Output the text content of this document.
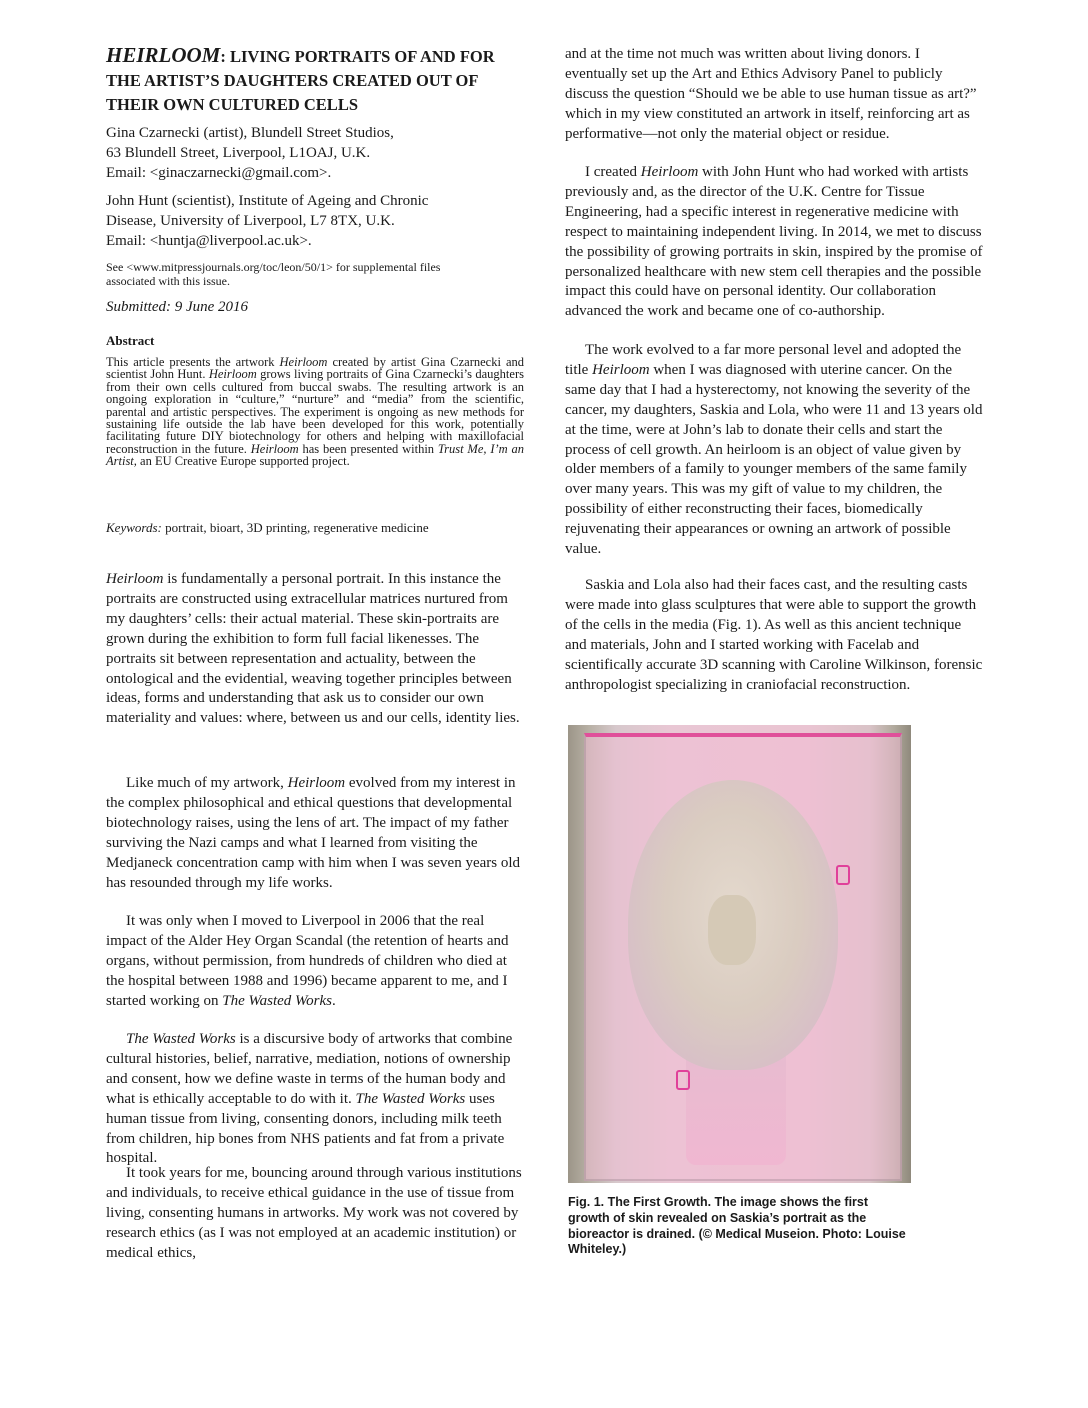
HEIRLOOM: LIVING PORTRAITS OF AND FOR
THE ARTIST’S DAUGHTERS CREATED OUT OF
THEIR OWN CULTURED CELLS

Gina Czarnecki (artist), Blundell Street Studios,
63 Blundell Street, Liverpool, L1OAJ, U.K.
Email: <ginaczarnecki@gmail.com>.

John Hunt (scientist), Institute of Ageing and Chronic
Disease, University of Liverpool, L7 8TX, U.K.
Email: <huntja@liverpool.ac.uk>.

See <www.mitpressjournals.org/toc/leon/50/1> for supplemental files
associated with this issue.

Submitted: 9 June 2016

Abstract

This article presents the artwork Heirloom created by artist Gina Czarnecki and scientist John Hunt. Heirloom grows living portraits of Gina Czarnecki’s daughters from their own cells cultured from buccal swabs. The resulting artwork is an ongoing exploration in “culture,” “nurture” and “media” from the scientific, parental and artistic perspectives. The experiment is ongoing as new methods for sustaining life outside the lab have been developed for this work, potentially facilitating future DIY biotechnology for others and helping with maxillofacial reconstruction in the future. Heirloom has been presented within Trust Me, I’m an Artist, an EU Creative Europe supported project.

Keywords: portrait, bioart, 3D printing, regenerative medicine

Heirloom is fundamentally a personal portrait. In this instance the portraits are constructed using extracellular matrices nurtured from my daughters’ cells: their actual material. These skin-portraits are grown during the exhibition to form full facial likenesses. The portraits sit between representation and actuality, between the ontological and the evidential, weaving together principles between ideas, forms and understanding that ask us to consider our own materiality and values: where, between us and our cells, identity lies.

Like much of my artwork, Heirloom evolved from my interest in the complex philosophical and ethical questions that developmental biotechnology raises, using the lens of art. The impact of my father surviving the Nazi camps and what I learned from visiting the Medjaneck concentration camp with him when I was seven years old has resounded through my life works.

It was only when I moved to Liverpool in 2006 that the real impact of the Alder Hey Organ Scandal (the retention of hearts and organs, without permission, from hundreds of children who died at the hospital between 1988 and 1996) became apparent to me, and I started working on The Wasted Works.

The Wasted Works is a discursive body of artworks that combine cultural histories, belief, narrative, mediation, notions of ownership and consent, how we define waste in terms of the human body and what is ethically acceptable to do with it. The Wasted Works uses human tissue from living, consenting donors, including milk teeth from children, hip bones from NHS patients and fat from a private hospital.

It took years for me, bouncing around through various institutions and individuals, to receive ethical guidance in the use of tissue from living, consenting humans in artworks. My work was not covered by research ethics (as I was not employed at an academic institution) or medical ethics,

and at the time not much was written about living donors. I eventually set up the Art and Ethics Advisory Panel to publicly discuss the question “Should we be able to use human tissue as art?” which in my view constituted an artwork in itself, reinforcing art as performative—not only the material object or residue.

I created Heirloom with John Hunt who had worked with artists previously and, as the director of the U.K. Centre for Tissue Engineering, had a specific interest in regenerative medicine with respect to maintaining independent living. In 2014, we met to discuss the possibility of growing portraits in skin, inspired by the promise of personalized healthcare with new stem cell therapies and the possible impact this could have on personal identity. Our collaboration advanced the work and became one of co-authorship.

The work evolved to a far more personal level and adopted the title Heirloom when I was diagnosed with uterine cancer. On the same day that I had a hysterectomy, not knowing the severity of the cancer, my daughters, Saskia and Lola, who were 11 and 13 years old at the time, were at John’s lab to donate their cells and start the process of cell growth. An heirloom is an object of value given by older members of a family to younger members of the same family over many years. This was my gift of value to my children, the possibility of either reconstructing their faces, biomedically rejuvenating their appearances or owning an artwork of possible value.

Saskia and Lola also had their faces cast, and the resulting casts were made into glass sculptures that were able to support the growth of the cells in the media (Fig. 1). As well as this ancient technique and materials, John and I started working with Facelab and scientifically accurate 3D scanning with Caroline Wilkinson, forensic anthropologist specializing in craniofacial reconstruction.

Fig. 1. The First Growth. The image shows the first growth of skin revealed on Saskia’s portrait as the bioreactor is drained. (© Medical Museion. Photo: Louise Whiteley.)
